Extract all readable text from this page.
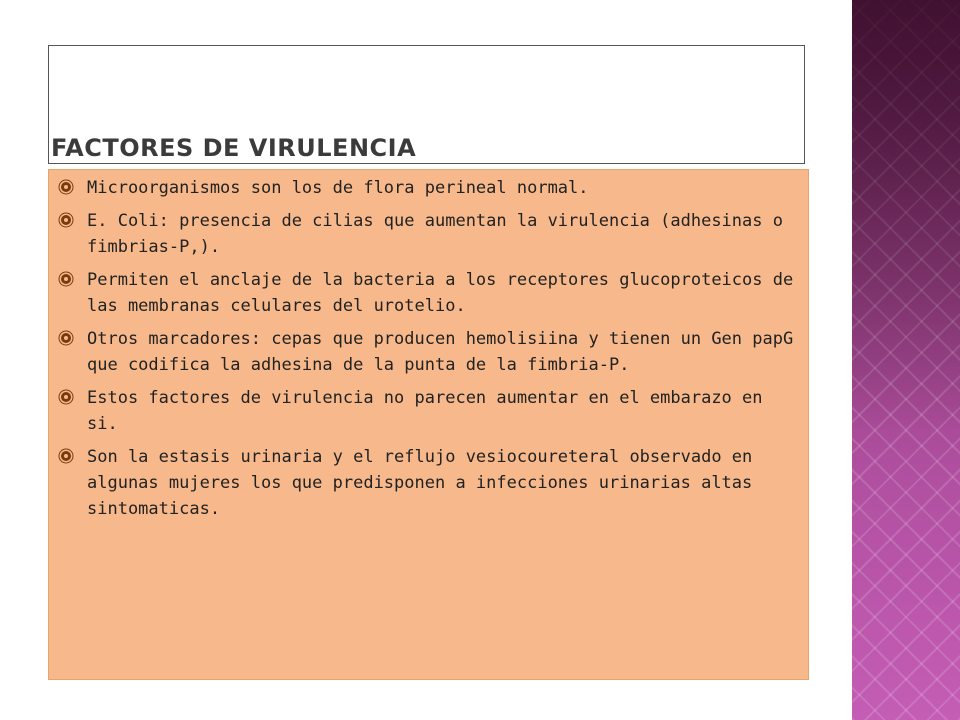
FACTORES DE VIRULENCIA
Microorganismos son los de flora perineal normal.
E. Coli: presencia de cilias que aumentan la virulencia (adhesinas o fimbrias-P,).
Permiten el anclaje de la bacteria a los receptores glucoproteicos de las membranas celulares del urotelio.
Otros marcadores: cepas que producen hemolisiina y tienen un Gen papG que codifica la adhesina de la punta de la fimbria-P.
Estos factores de virulencia no parecen aumentar en el embarazo en si.
Son la estasis urinaria y el reflujo vesiocoureteral observado en algunas mujeres los que predisponen a infecciones urinarias altas sintomaticas.
